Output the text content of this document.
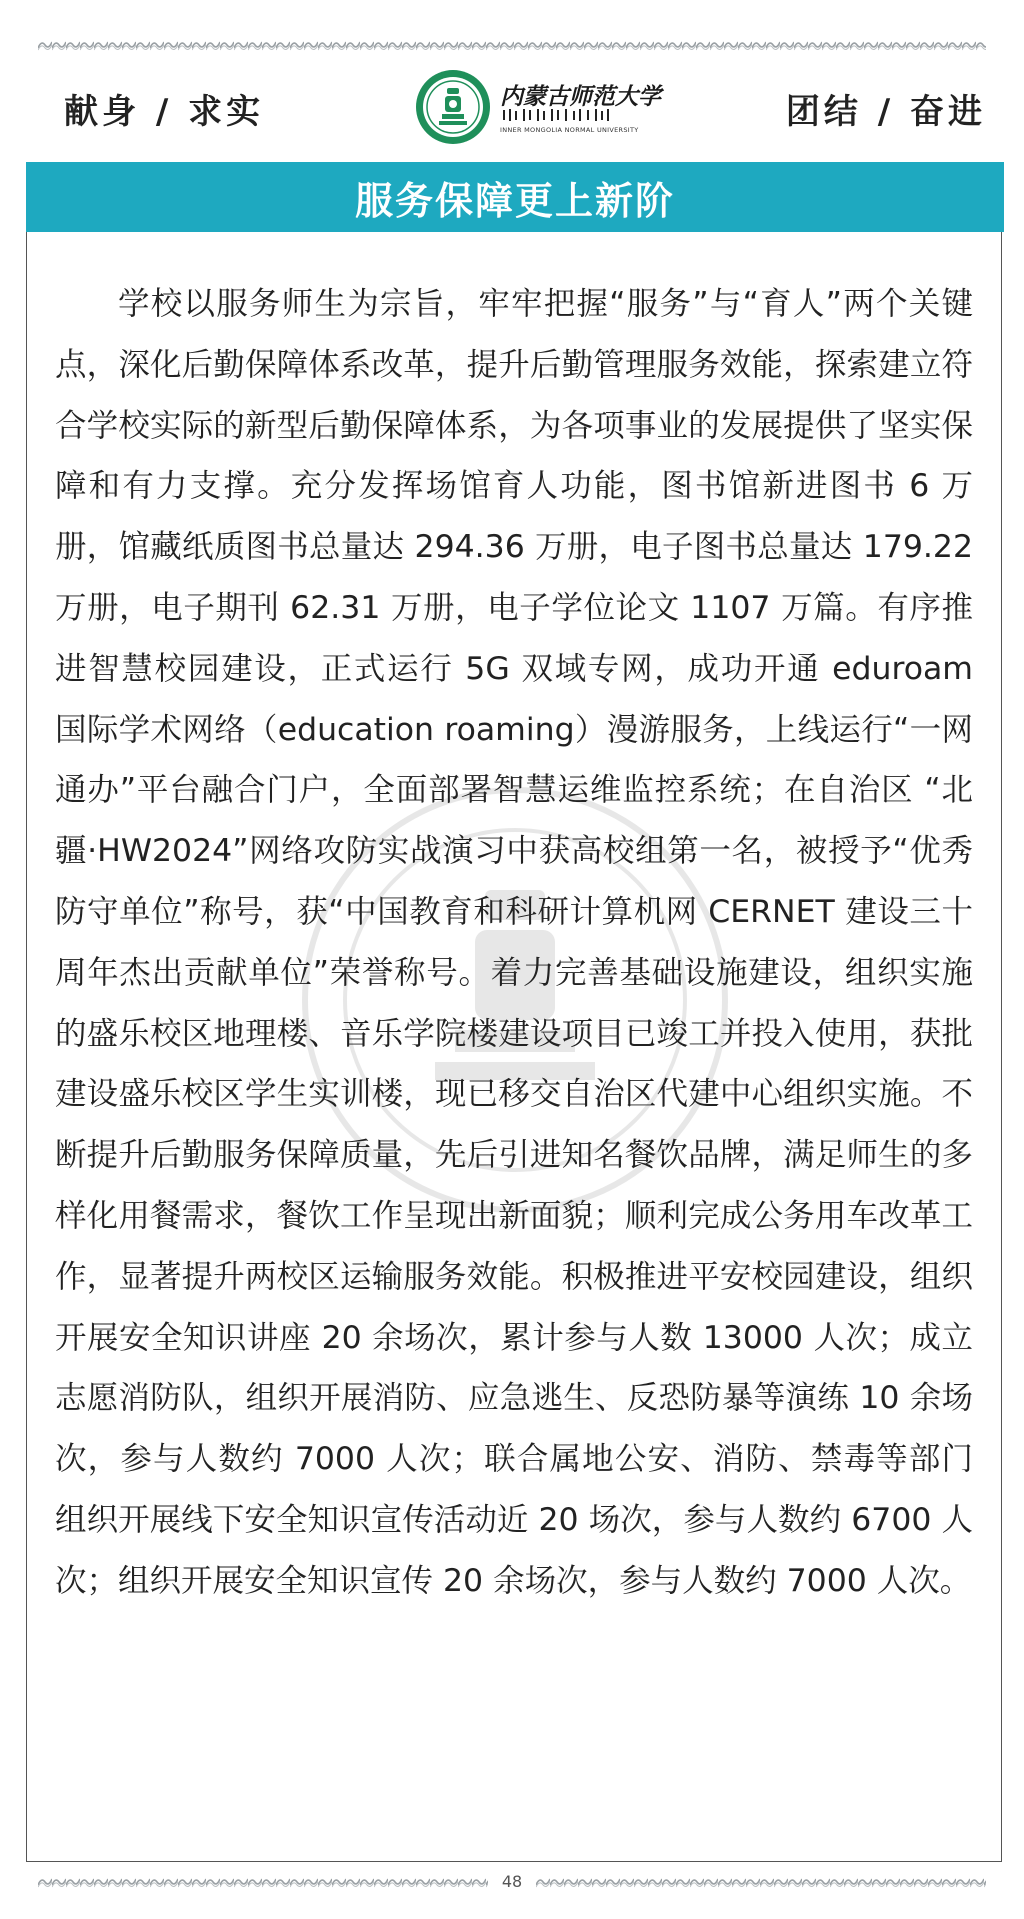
献身 / 求实	内蒙古师范大学
INNER MONGOLIA NORMAL UNIVERSITY	团结 / 奋进
服务保障更上新阶

学校以服务师生为宗旨，牢牢把握“服务”与“育人”两个关键点，深化后勤保障体系改革，提升后勤管理服务效能，探索建立符合学校实际的新型后勤保障体系，为各项事业的发展提供了坚实保障和有力支撑。充分发挥场馆育人功能，图书馆新进图书 6 万册，馆藏纸质图书总量达 294.36 万册，电子图书总量达 179.22 万册，电子期刊 62.31 万册，电子学位论文 1107 万篇。有序推进智慧校园建设，正式运行 5G 双域专网，成功开通 eduroam 国际学术网络（education roaming）漫游服务，上线运行“一网通办”平台融合门户，全面部署智慧运维监控系统；在自治区 “北疆·HW2024”网络攻防实战演习中获高校组第一名，被授予“优秀防守单位”称号，获“中国教育和科研计算机网 CERNET 建设三十周年杰出贡献单位”荣誉称号。着力完善基础设施建设，组织实施的盛乐校区地理楼、音乐学院楼建设项目已竣工并投入使用，获批建设盛乐校区学生实训楼，现已移交自治区代建中心组织实施。不断提升后勤服务保障质量，先后引进知名餐饮品牌，满足师生的多样化用餐需求，餐饮工作呈现出新面貌；顺利完成公务用车改革工作，显著提升两校区运输服务效能。积极推进平安校园建设，组织开展安全知识讲座 20 余场次，累计参与人数 13000 人次；成立志愿消防队，组织开展消防、应急逃生、反恐防暴等演练 10 余场次，参与人数约 7000 人次；联合属地公安、消防、禁毒等部门组织开展线下安全知识宣传活动近 20 场次，参与人数约 6700 人次；组织开展安全知识宣传 20 余场次，参与人数约 7000 人次。

48
